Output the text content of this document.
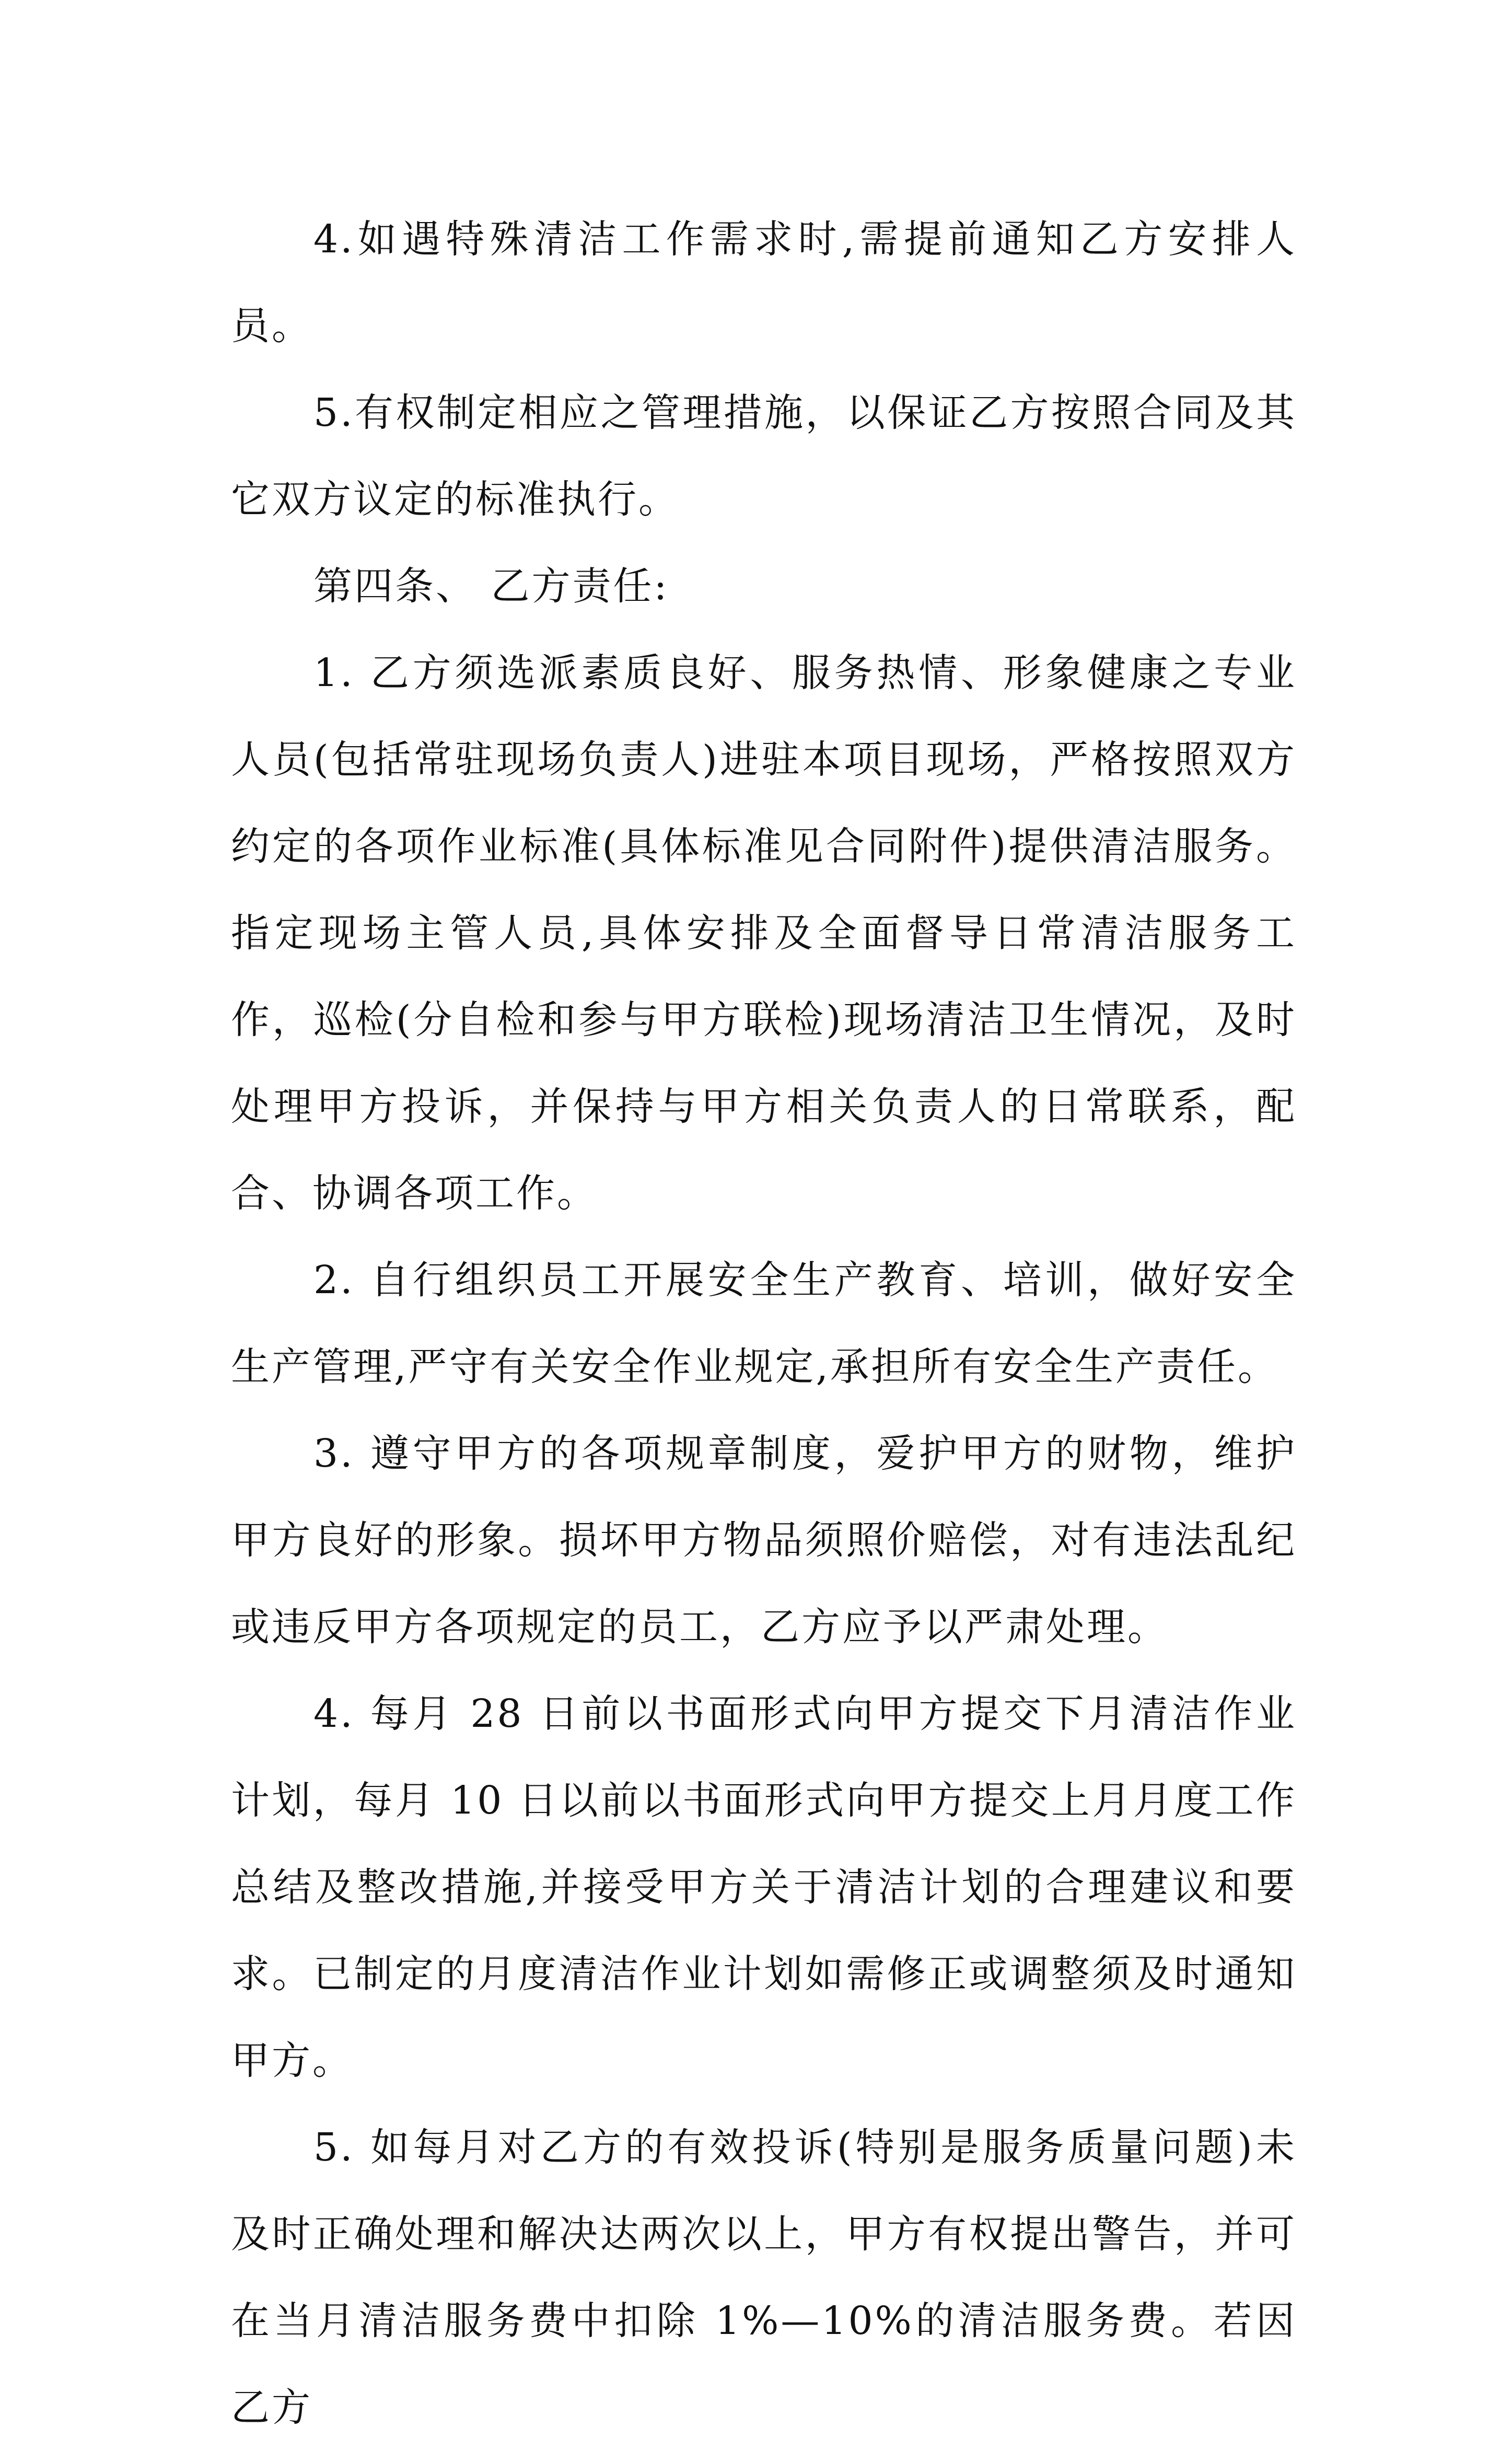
4.如遇特殊清洁工作需求时,需提前通知乙方安排人员。

5.有权制定相应之管理措施，以保证乙方按照合同及其它双方议定的标准执行。

第四条、 乙方责任:

1. 乙方须选派素质良好、服务热情、形象健康之专业人员(包括常驻现场负责人)进驻本项目现场，严格按照双方约定的各项作业标准(具体标准见合同附件)提供清洁服务。指定现场主管人员,具体安排及全面督导日常清洁服务工作，巡检(分自检和参与甲方联检)现场清洁卫生情况，及时处理甲方投诉，并保持与甲方相关负责人的日常联系，配合、协调各项工作。

2. 自行组织员工开展安全生产教育、培训，做好安全生产管理,严守有关安全作业规定,承担所有安全生产责任。

3. 遵守甲方的各项规章制度，爱护甲方的财物，维护甲方良好的形象。损坏甲方物品须照价赔偿，对有违法乱纪或违反甲方各项规定的员工，乙方应予以严肃处理。

4. 每月 28 日前以书面形式向甲方提交下月清洁作业计划，每月 10 日以前以书面形式向甲方提交上月月度工作总结及整改措施,并接受甲方关于清洁计划的合理建议和要求。已制定的月度清洁作业计划如需修正或调整须及时通知甲方。

5. 如每月对乙方的有效投诉(特别是服务质量问题)未及时正确处理和解决达两次以上，甲方有权提出警告，并可在当月清洁服务费中扣除 1%—10%的清洁服务费。若因乙方
